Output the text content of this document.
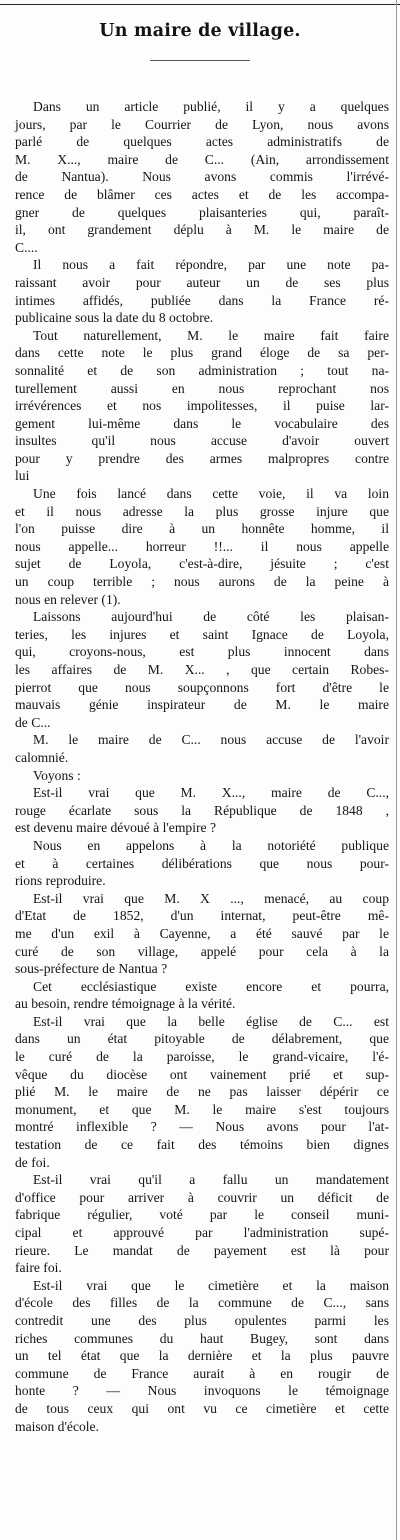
Un maire de village.
Dans un article publié, il y a quelques
jours, par le Courrier de Lyon, nous avons
parlé de quelques actes administratifs de
M. X..., maire de C... (Ain, arrondissement
de Nantua). Nous avons commis l'irrévé-
rence de blâmer ces actes et de les accompa-
gner de quelques plaisanteries qui, paraît-
il, ont grandement déplu à M. le maire de
C....
Il nous a fait répondre, par une note pa-
raissant avoir pour auteur un de ses plus
intimes affidés, publiée dans la France ré-
publicaine sous la date du 8 octobre.
Tout naturellement, M. le maire fait faire
dans cette note le plus grand éloge de sa per-
sonnalité et de son administration ; tout na-
turellement aussi en nous reprochant nos
irrévérences et nos impolitesses, il puise lar-
gement lui-même dans le vocabulaire des
insultes qu'il nous accuse d'avoir ouvert
pour y prendre des armes malpropres contre
lui
Une fois lancé dans cette voie, il va loin
et il nous adresse la plus grosse injure que
l'on puisse dire à un honnête homme, il
nous appelle... horreur !!... il nous appelle
sujet de Loyola, c'est-à-dire, jésuite ; c'est
un coup terrible ; nous aurons de la peine à
nous en relever (1).
Laissons aujourd'hui de côté les plaisan-
teries, les injures et saint Ignace de Loyola,
qui, croyons-nous, est plus innocent dans
les affaires de M. X... , que certain Robes-
pierrot que nous soupçonnons fort d'être le
mauvais génie inspirateur de M. le maire
de C...
M. le maire de C... nous accuse de l'avoir
calomnié.
Voyons :
Est-il vrai que M. X..., maire de C...,
rouge écarlate sous la République de 1848 ,
est devenu maire dévoué à l'empire ?
Nous en appelons à la notoriété publique
et à certaines délibérations que nous pour-
rions reproduire.
Est-il vrai que M. X ..., menacé, au coup
d'Etat de 1852, d'un internat, peut-être mê-
me d'un exil à Cayenne, a été sauvé par le
curé de son village, appelé pour cela à la
sous-préfecture de Nantua ?
Cet ecclésiastique existe encore et pourra,
au besoin, rendre témoignage à la vérité.
Est-il vrai que la belle église de C... est
dans un état pitoyable de délabrement, que
le curé de la paroisse, le grand-vicaire, l'é-
vêque du diocèse ont vainement prié et sup-
plié M. le maire de ne pas laisser dépérir ce
monument, et que M. le maire s'est toujours
montré inflexible ? — Nous avons pour l'at-
testation de ce fait des témoins bien dignes
de foi.
Est-il vrai qu'il a fallu un mandatement
d'office pour arriver à couvrir un déficit de
fabrique régulier, voté par le conseil muni-
cipal et approuvé par l'administration supé-
rieure. Le mandat de payement est là pour
faire foi.
Est-il vrai que le cimetière et la maison
d'école des filles de la commune de C..., sans
contredit une des plus opulentes parmi les
riches communes du haut Bugey, sont dans
un tel état que la dernière et la plus pauvre
commune de France aurait à en rougir de
honte ? — Nous invoquons le témoignage
de tous ceux qui ont vu ce cimetière et cette
maison d'école.
